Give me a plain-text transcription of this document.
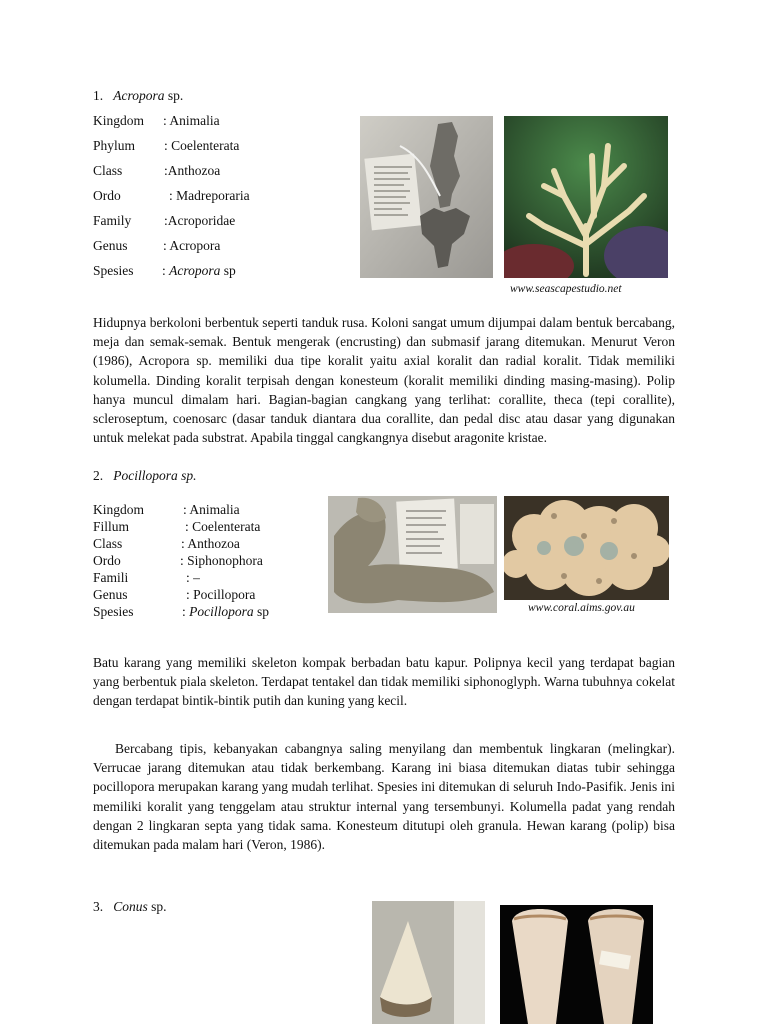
1. Acropora sp.
Kingdom : Animalia
Phylum : Coelenterata
Class	:Anthozoa
Ordo	: Madreporaria
Family :Acroporidae
Genus	: Acropora
Spesies : Acropora sp
www.seascapestudio.net
Hidupnya berkoloni berbentuk seperti tanduk rusa. Koloni sangat umum dijumpai dalam bentuk bercabang, meja dan semak-semak. Bentuk mengerak (encrusting) dan submasif jarang ditemukan. Menurut Veron (1986), Acropora sp. memiliki dua tipe koralit yaitu axial koralit dan radial koralit. Tidak memiliki kolumella. Dinding koralit terpisah dengan konesteum (koralit memiliki dinding masing-masing). Polip hanya muncul dimalam hari. Bagian-bagian cangkang yang terlihat: corallite, theca (tepi corallite), scleroseptum, coenosarc (dasar tanduk diantara dua corallite, dan pedal disc atau dasar yang digunakan untuk melekat pada substrat. Apabila tinggal cangkangnya disebut aragonite kristae.
2. Pocillopora sp.
Kingdom	: Animalia
Fillum	: Coelenterata
Class	: Anthozoa
Ordo	: Siphonophora
Famili	: –
Genus	: Pocillopora
Spesies	: Pocillopora sp	www.coral.aims.gov.au
Batu karang yang memiliki skeleton kompak berbadan batu kapur. Polipnya kecil yang terdapat bagian yang berbentuk piala skeleton. Terdapat tentakel dan tidak memiliki siphonoglyph. Warna tubuhnya cokelat dengan terdapat bintik-bintik putih dan kuning yang kecil.
Bercabang tipis, kebanyakan cabangnya saling menyilang dan membentuk lingkaran (melingkar). Verrucae jarang ditemukan atau tidak berkembang. Karang ini biasa ditemukan diatas tubir sehingga pocillopora merupakan karang yang mudah terlihat. Spesies ini ditemukan di seluruh Indo-Pasifik. Jenis ini memiliki koralit yang tenggelam atau struktur internal yang tersembunyi. Kolumella padat yang rendah dengan 2 lingkaran septa yang tidak sama. Konesteum ditutupi oleh granula. Hewan karang (polip) bisa ditemukan pada malam hari (Veron, 1986).
3. Conus sp.
